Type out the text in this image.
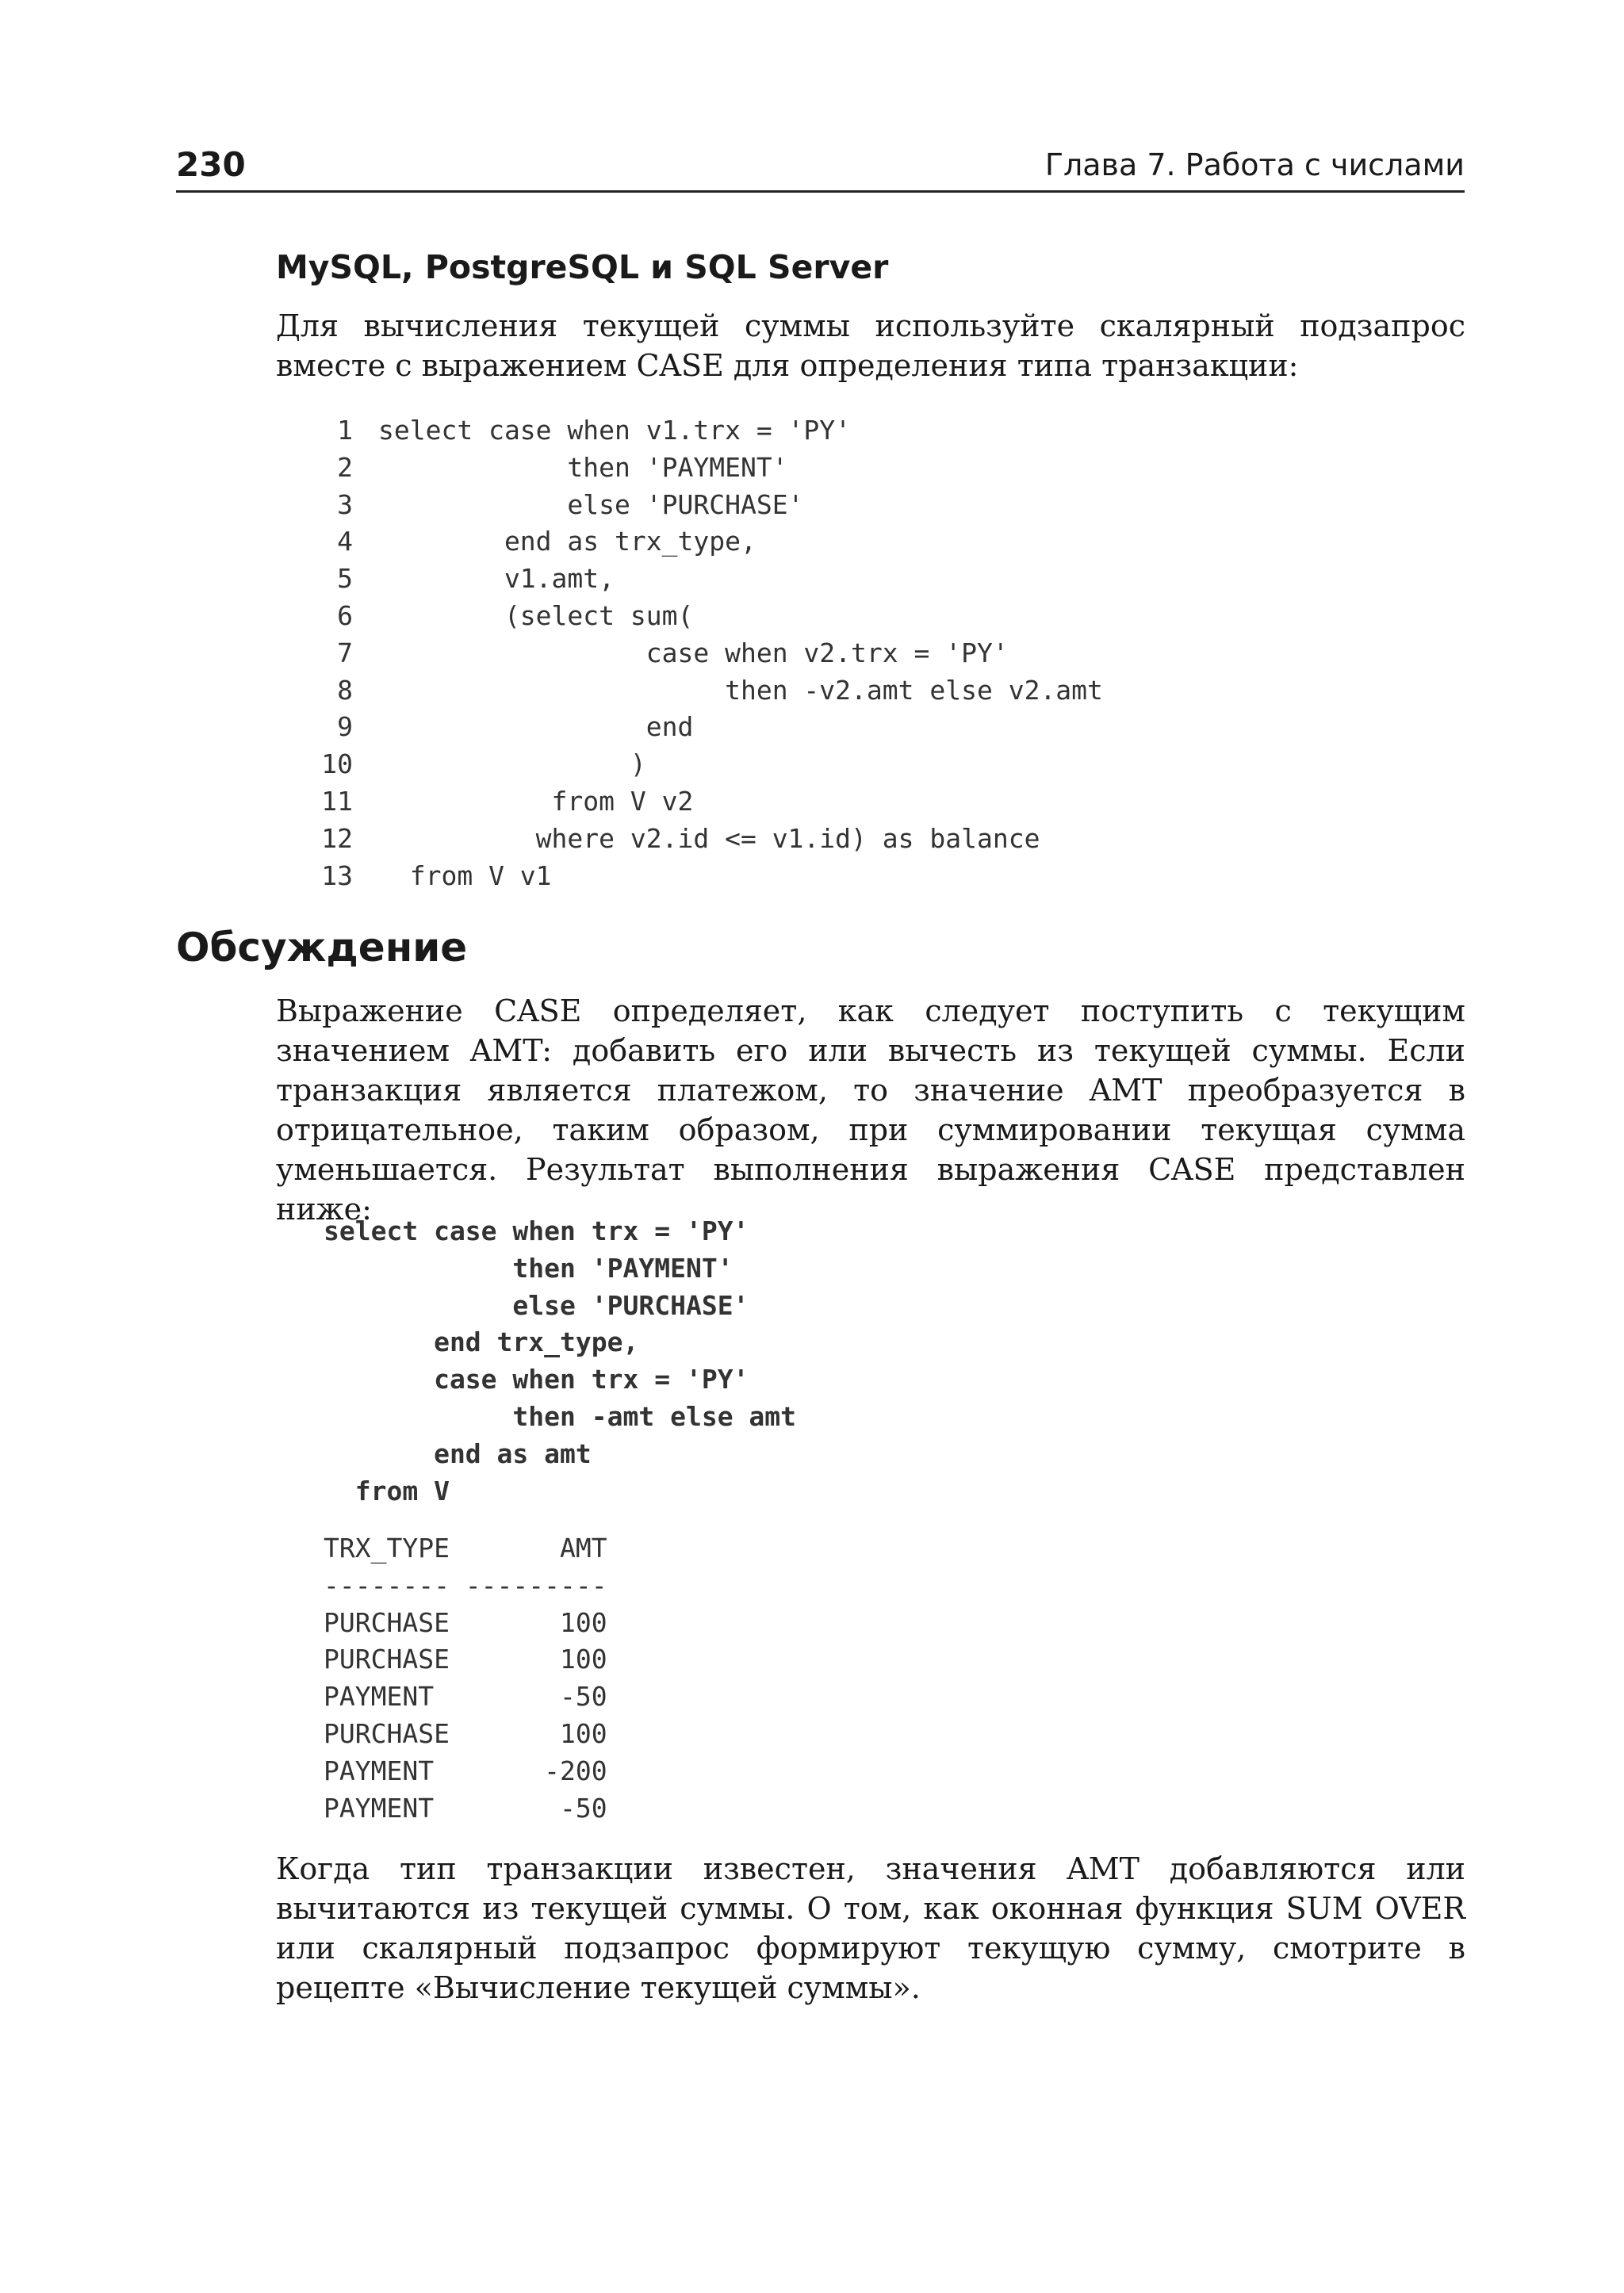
230	Глава 7. Работа с числами
MySQL, PostgreSQL и SQL Server

Для вычисления текущей суммы используйте скалярный подзапрос вместе с выражением CASE для определения типа транзакции:

1 select case when v1.trx = 'PY'
2            then 'PAYMENT'
3            else 'PURCHASE'
4        end as trx_type,
5        v1.amt,
6        (select sum(
7                 case when v2.trx = 'PY'
8                      then -v2.amt else v2.amt
9                 end
10                )
11           from V v2
12          where v2.id <= v1.id) as balance
13  from V v1
Обсуждение

Выражение CASE определяет, как следует поступить с текущим значением AMT: добавить его или вычесть из текущей суммы. Если транзакция является платежом, то значение AMT преобразуется в отрицательное, таким образом, при суммировании текущая сумма уменьшается. Результат выполнения выражения CASE представлен ниже:

select case when trx = 'PY'
then 'PAYMENT'
else 'PURCHASE'
end trx_type,
case when trx = 'PY'
then -amt else amt
end as amt
from V
TRX_TYPE       AMT
-------- ---------
PURCHASE       100
PURCHASE       100
PAYMENT        -50
PURCHASE       100
PAYMENT       -200
PAYMENT        -50

Когда тип транзакции известен, значения AMT добавляются или вычитаются из текущей суммы. О том, как оконная функция SUM OVER или скалярный подзапрос формируют текущую сумму, смотрите в рецепте «Вычисление текущей суммы».
